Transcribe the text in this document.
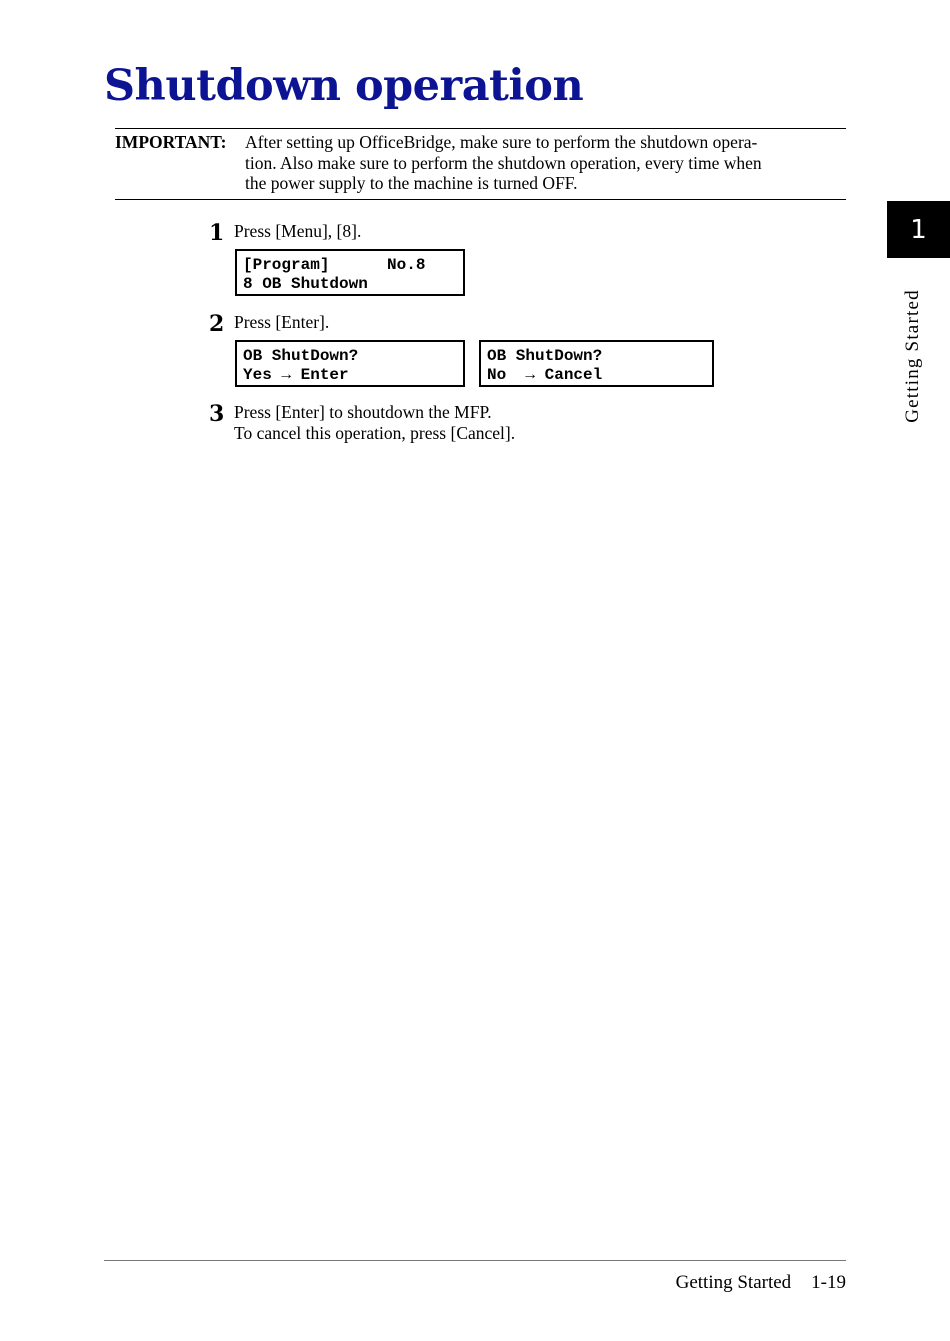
Shutdown operation
IMPORTANT: After setting up OfficeBridge, make sure to perform the shutdown opera-
tion. Also make sure to perform the shutdown operation, every time when
the power supply to the machine is turned OFF.
1 Press [Menu], [8].
[Program]      No.8
8 OB Shutdown
2 Press [Enter].
OB ShutDown?
Yes → Enter
OB ShutDown?
No  → Cancel
3 Press [Enter] to shoutdown the MFP.
To cancel this operation, press [Cancel].
1
Getting Started
Getting Started 1-19
